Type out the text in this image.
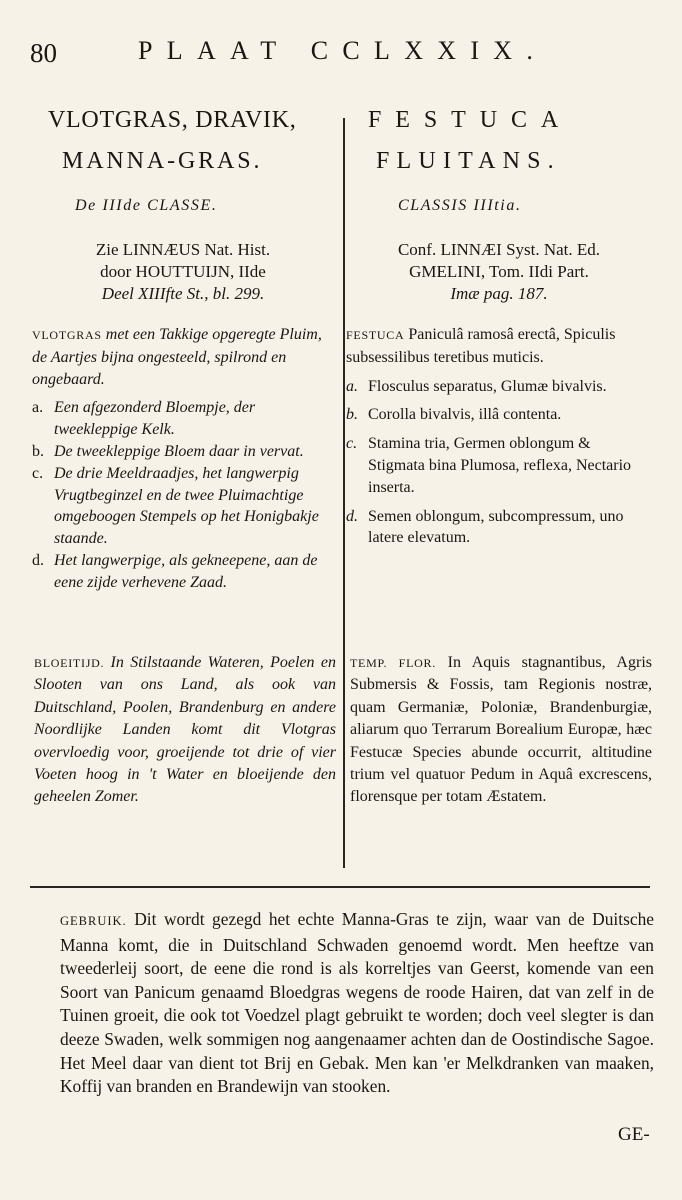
80	PLAAT CCLXXIX.
VLOTGRAS, DRAVIK,
MANNA-GRAS.
FESTUCA
FLUITANS.
De IIIde CLASSE.	CLASSIS IIItia.
Zie LINNÆUS Nat. Hist.
door HOUTTUIJN, IIde
Deel XIIIfte St., bl. 299.
Conf. LINNÆI Syst. Nat. Ed.
GMELINI, Tom. IIdi Part.
Imæ pag. 187.
VLOTGRAS met een Takkige opgeregte Pluim, de Aartjes bijna ongesteeld, spilrond en ongebaard.
a. Een afgezonderd Bloempje, der tweekleppige Kelk.
b. De tweekleppige Bloem daar in vervat.
c. De drie Meeldraadjes, het langwerpig Vrugtbeginzel en de twee Pluimachtige omgeboogen Stempels op het Honigbakje staande.
d. Het langwerpige, als gekneepene, aan de eene zijde verhevene Zaad.
FESTUCA Paniculâ ramosâ erectâ, Spiculis subsessilibus teretibus muticis.
a. Flosculus separatus, Glumæ bivalvis.
b. Corolla bivalvis, illâ contenta.
c. Stamina tria, Germen oblongum & Stigmata bina Plumosa, reflexa, Nectario inserta.
d. Semen oblongum, subcompressum, uno latere elevatum.
BLOEITIJD. In Stilstaande Wateren, Poelen en Slooten van ons Land, als ook van Duitschland, Poolen, Brandenburg en andere Noordlijke Landen komt dit Vlotgras overvloedig voor, groeijende tot drie of vier Voeten hoog in 't Water en bloeijende den geheelen Zomer.
TEMP. FLOR. In Aquis stagnantibus, Agris Submersis & Fossis, tam Regionis nostræ, quam Germaniæ, Poloniæ, Brandenburgiæ, aliarum quo Terrarum Borealium Europæ, hæc Festucæ Species abunde occurrit, altitudine trium vel quatuor Pedum in Aquâ excrescens, florensque per totam Æstatem.
GEBRUIK. Dit wordt gezegd het echte Manna-Gras te zijn, waar van de Duitsche Manna komt, die in Duitschland Schwaden genoemd wordt. Men heeftze van tweederleij soort, de eene die rond is als korreltjes van Geerst, komende van een Soort van Panicum genaamd Bloedgras wegens de roode Hairen, dat van zelf in de Tuinen groeit, die ook tot Voedzel plagt gebruikt te worden; doch veel slegter is dan deeze Swaden, welk sommigen nog aangenaamer achten dan de Oostindische Sagoe. Het Meel daar van dient tot Brij en Gebak. Men kan 'er Melkdranken van maaken, Koffij van branden en Brandewijn van stooken.
GE-
